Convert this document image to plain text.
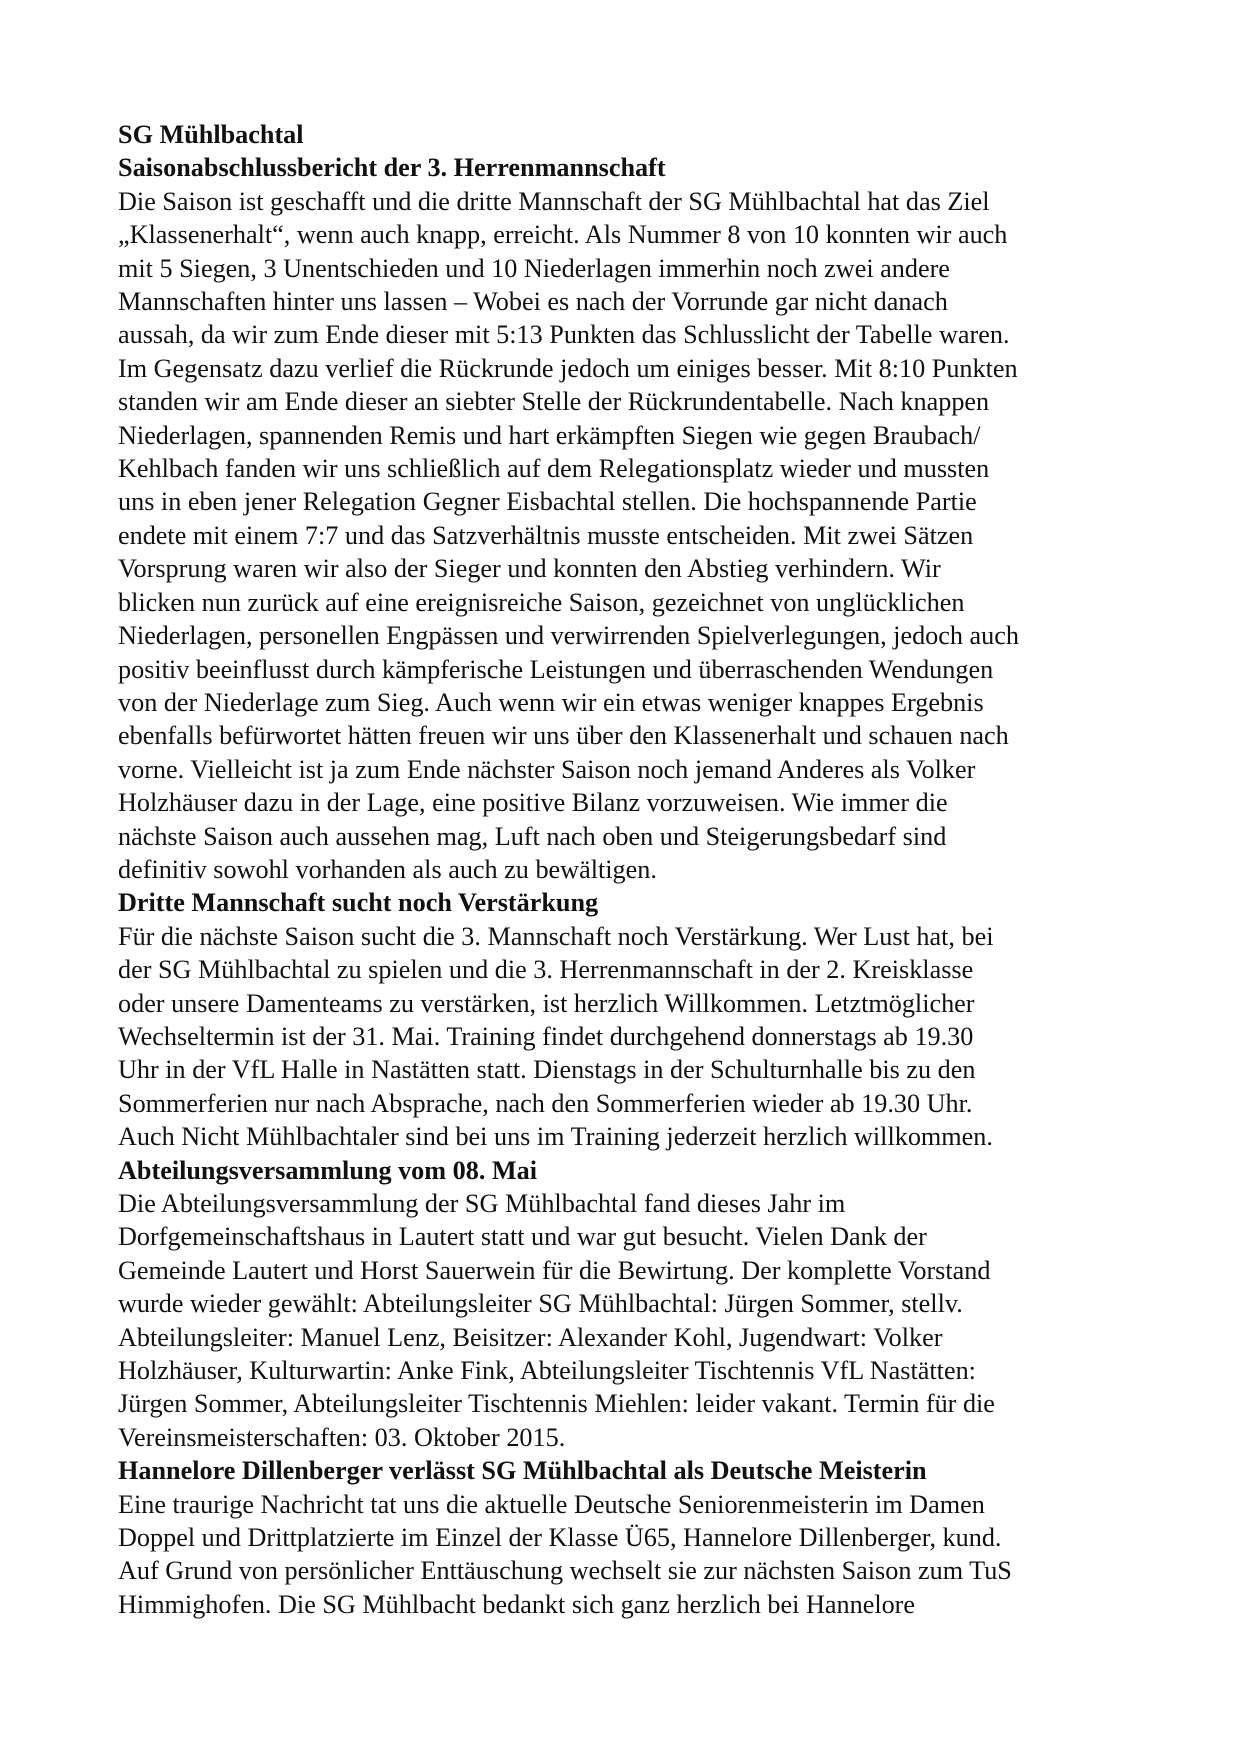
SG Mühlbachtal
Saisonabschlussbericht der 3. Herrenmannschaft
Die Saison ist geschafft und die dritte Mannschaft der SG Mühlbachtal hat das Ziel
„Klassenerhalt“, wenn auch knapp, erreicht. Als Nummer 8 von 10 konnten wir auch
mit 5 Siegen, 3 Unentschieden und 10 Niederlagen immerhin noch zwei andere
Mannschaften hinter uns lassen – Wobei es nach der Vorrunde gar nicht danach
aussah, da wir zum Ende dieser mit 5:13 Punkten das Schlusslicht der Tabelle waren.
Im Gegensatz dazu verlief die Rückrunde jedoch um einiges besser. Mit 8:10 Punkten
standen wir am Ende dieser an siebter Stelle der Rückrundentabelle. Nach knappen
Niederlagen, spannenden Remis und hart erkämpften Siegen wie gegen Braubach/
Kehlbach fanden wir uns schließlich auf dem Relegationsplatz wieder und mussten
uns in eben jener Relegation Gegner Eisbachtal stellen. Die hochspannende Partie
endete mit einem 7:7 und das Satzverhältnis musste entscheiden. Mit zwei Sätzen
Vorsprung waren wir also der Sieger und konnten den Abstieg verhindern. Wir
blicken nun zurück auf eine ereignisreiche Saison, gezeichnet von unglücklichen
Niederlagen, personellen Engpässen und verwirrenden Spielverlegungen, jedoch auch
positiv beeinflusst durch kämpferische Leistungen und überraschenden Wendungen
von der Niederlage zum Sieg. Auch wenn wir ein etwas weniger knappes Ergebnis
ebenfalls befürwortet hätten freuen wir uns über den Klassenerhalt und schauen nach
vorne. Vielleicht ist ja zum Ende nächster Saison noch jemand Anderes als Volker
Holzhäuser dazu in der Lage, eine positive Bilanz vorzuweisen. Wie immer die
nächste Saison auch aussehen mag, Luft nach oben und Steigerungsbedarf sind
definitiv sowohl vorhanden als auch zu bewältigen.
Dritte Mannschaft sucht noch Verstärkung
Für die nächste Saison sucht die 3. Mannschaft noch Verstärkung. Wer Lust hat, bei
der SG Mühlbachtal zu spielen und die 3. Herrenmannschaft in der 2. Kreisklasse
oder unsere Damenteams zu verstärken, ist herzlich Willkommen. Letztmöglicher
Wechseltermin ist der 31. Mai. Training findet durchgehend donnerstags ab 19.30
Uhr in der VfL Halle in Nastätten statt. Dienstags in der Schulturnhalle bis zu den
Sommerferien nur nach Absprache, nach den Sommerferien wieder ab 19.30 Uhr.
Auch Nicht Mühlbachtaler sind bei uns im Training jederzeit herzlich willkommen.
Abteilungsversammlung vom 08. Mai
Die Abteilungsversammlung der SG Mühlbachtal fand dieses Jahr im
Dorfgemeinschaftshaus in Lautert statt und war gut besucht. Vielen Dank der
Gemeinde Lautert und Horst Sauerwein für die Bewirtung. Der komplette Vorstand
wurde wieder gewählt: Abteilungsleiter SG Mühlbachtal: Jürgen Sommer, stellv.
Abteilungsleiter: Manuel Lenz, Beisitzer: Alexander Kohl, Jugendwart: Volker
Holzhäuser, Kulturwartin: Anke Fink, Abteilungsleiter Tischtennis VfL Nastätten:
Jürgen Sommer, Abteilungsleiter Tischtennis Miehlen: leider vakant. Termin für die
Vereinsmeisterschaften: 03. Oktober 2015.
Hannelore Dillenberger verlässt SG Mühlbachtal als Deutsche Meisterin
Eine traurige Nachricht tat uns die aktuelle Deutsche Seniorenmeisterin im Damen
Doppel und Drittplatzierte im Einzel der Klasse Ü65, Hannelore Dillenberger, kund.
Auf Grund von persönlicher Enttäuschung wechselt sie zur nächsten Saison zum TuS
Himmighofen. Die SG Mühlbacht bedankt sich ganz herzlich bei Hannelore
